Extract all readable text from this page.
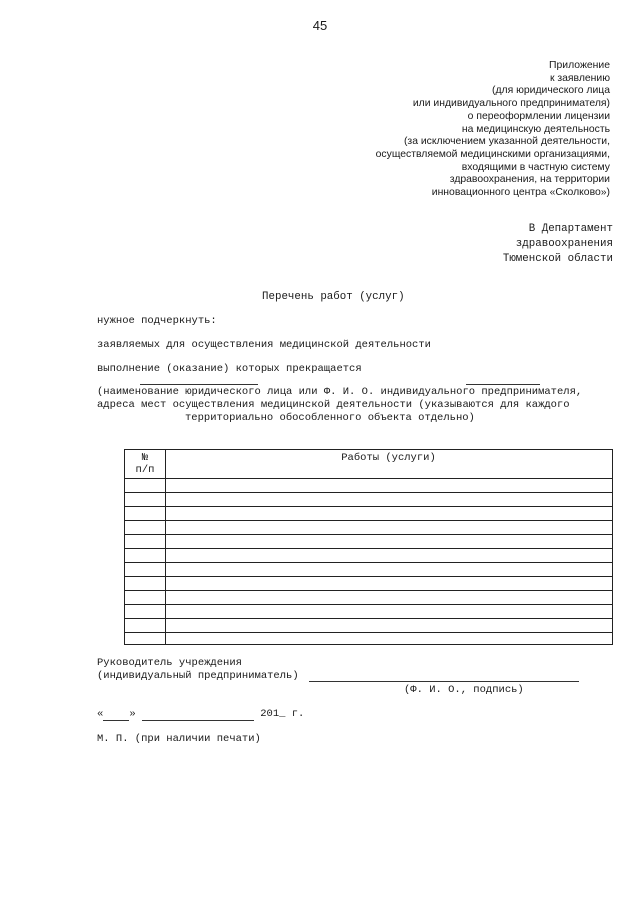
45
Приложение
к заявлению
(для юридического лица
или индивидуального предпринимателя)
о переоформлении лицензии
на медицинскую деятельность
(за исключением указанной деятельности,
осуществляемой медицинскими организациями,
входящими в частную систему
здравоохранения, на территории
инновационного центра «Сколково»)
В Департамент
здравоохранения
Тюменской области
Перечень работ (услуг)
нужное подчеркнуть:
заявляемых для осуществления медицинской деятельности
выполнение (оказание) которых прекращается
(наименование юридического лица или Ф. И. О. индивидуального предпринимателя,
адреса мест осуществления медицинской деятельности (указываются для каждого
территориально обособленного объекта отдельно)
№
п/п
Работы (услуги)
Руководитель учреждения
(индивидуальный предприниматель)
(Ф. И. О., подпись)
« »	201_ г.
М. П. (при наличии печати)
